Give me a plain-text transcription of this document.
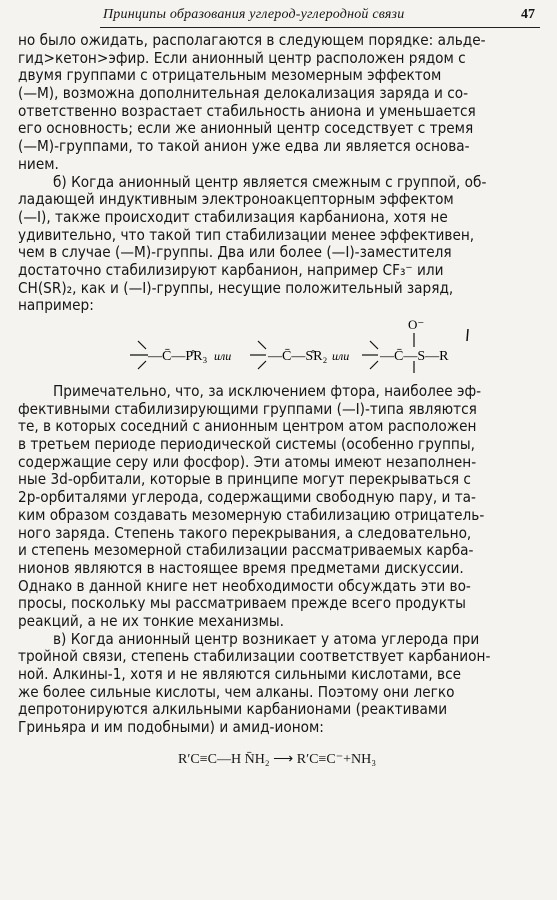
Принципы образования углерод-углеродной связи	47
но было ожидать, располагаются в следующем порядке: альде-
гид>кетон>эфир. Если анионный центр расположен рядом с
двумя группами с отрицательным мезомерным эффектом
(—M), возможна дополнительная делокализация заряда и со-
ответственно возрастает стабильность аниона и уменьшается
его основность; если же анионный центр соседствует с тремя
(—M)-группами, то такой анион уже едва ли является основа-
нием.
б) Когда анионный центр является смежным с группой, об-
ладающей индуктивным электроноакцепторным эффектом
(—I), также происходит стабилизация карбаниона, хотя не
удивительно, что такой тип стабилизации менее эффективен,
чем в случае (—M)-группы. Два или более (—I)-заместителя
достаточно стабилизируют карбанион, например CF₃⁻ или
C̄H(SR)₂, как и (—I)-группы, несущие положительный заряд,
например:
—C̄—P̊R₃ или	—C̄—S̊R₂ или —C̄—S—R
O⁻
Примечательно, что, за исключением фтора, наиболее эф-
фективными стабилизирующими группами (—I)-типа являются
те, в которых соседний с анионным центром атом расположен
в третьем периоде периодической системы (особенно группы,
содержащие серу или фосфор). Эти атомы имеют незаполнен-
ные 3d-орбитали, которые в принципе могут перекрываться с
2p-орбиталями углерода, содержащими свободную пару, и та-
ким образом создавать мезомерную стабилизацию отрицатель-
ного заряда. Степень такого перекрывания, а следовательно,
и степень мезомерной стабилизации рассматриваемых карба-
нионов являются в настоящее время предметами дискуссии.
Однако в данной книге нет необходимости обсуждать эти во-
просы, поскольку мы рассматриваем прежде всего продукты
реакций, а не их тонкие механизмы.
в) Когда анионный центр возникает у атома углерода при
тройной связи, степень стабилизации соответствует карбанион-
ной. Алкины-1, хотя и не являются сильными кислотами, все
же более сильные кислоты, чем алканы. Поэтому они легко
депротонируются алкильными карбанионами (реактивами
Гриньяра и им подобными) и амид-ионом:
R′C≡C—H N̄H₂ ⟶ R′C≡C⁻+NH₃
